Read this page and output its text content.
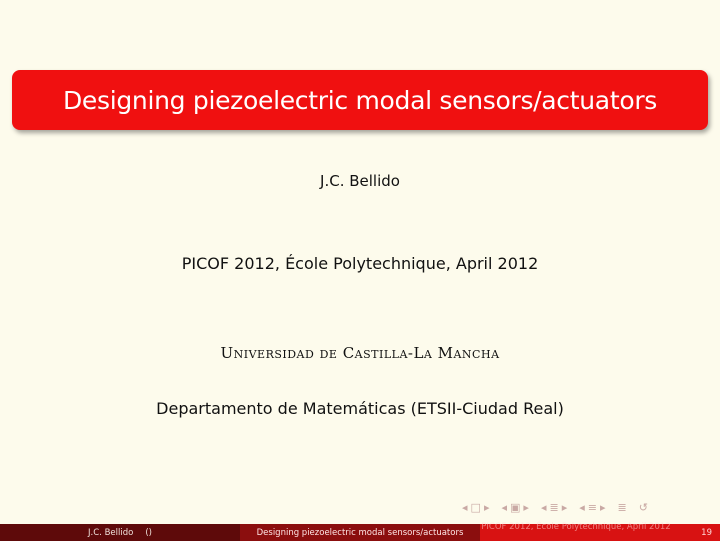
Designing piezoelectric modal sensors/actuators
J.C. Bellido
PICOF 2012, École Polytechnique, April 2012
Universidad de Castilla-La Mancha
Departamento de Matemáticas (ETSII-Ciudad Real)
◂ □ ▸ ◂ ▣ ▸ ◂ ≣ ▸ ◂ ≡ ▸ ≣ ↺
J.C. Bellido ()	Designing piezoelectric modal sensors/actuators
PICOF 2012, École Polytechnique, April 2012
19
